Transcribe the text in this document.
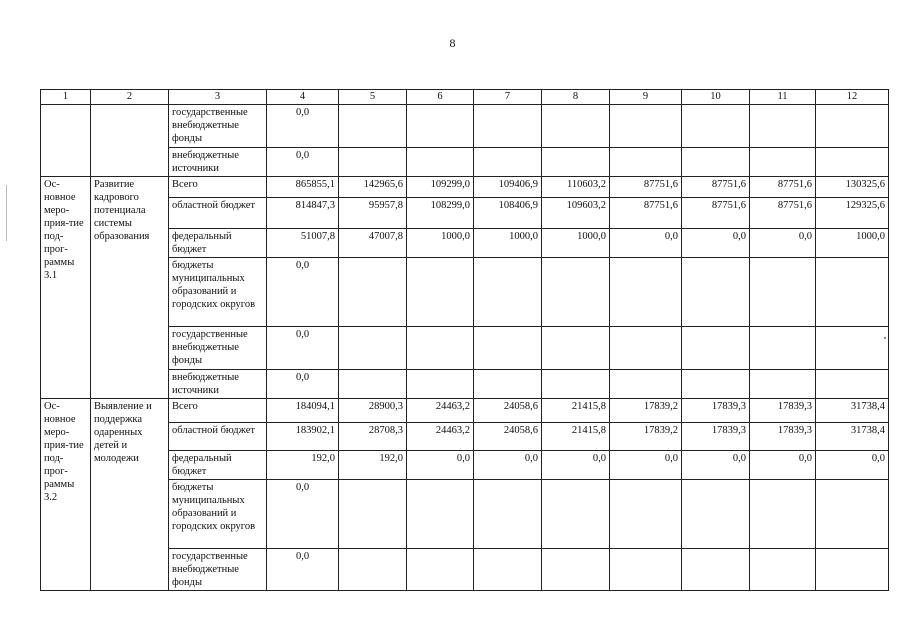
8
1	2	3	4	5	6	7	8	9	10	11	12
		государственные внебюджетные фонды	0,0								
		внебюджетные источники	0,0								
Ос-новное меро-прия-тие под-прог-раммы 3.1	Развитие кадрового потенциала системы образования	Всего	865855,1	142965,6	109299,0	109406,9	110603,2	87751,6	87751,6	87751,6	130325,6
		областной бюджет	814847,3	95957,8	108299,0	108406,9	109603,2	87751,6	87751,6	87751,6	129325,6
		федеральный бюджет	51007,8	47007,8	1000,0	1000,0	1000,0	0,0	0,0	0,0	1000,0
		бюджеты муниципальных образований и городских округов	0,0								
		государственные внебюджетные фонды	0,0								
		внебюджетные источники	0,0								
Ос-новное меро-прия-тие под-прог-раммы 3.2	Выявление и поддержка одаренных детей и молодежи	Всего	184094,1	28900,3	24463,2	24058,6	21415,8	17839,2	17839,3	17839,3	31738,4
		областной бюджет	183902,1	28708,3	24463,2	24058,6	21415,8	17839,2	17839,3	17839,3	31738,4
		федеральный бюджет	192,0	192,0	0,0	0,0	0,0	0,0	0,0	0,0	0,0
		бюджеты муниципальных образований и городских округов	0,0								
		государственные внебюджетные фонды	0,0								
